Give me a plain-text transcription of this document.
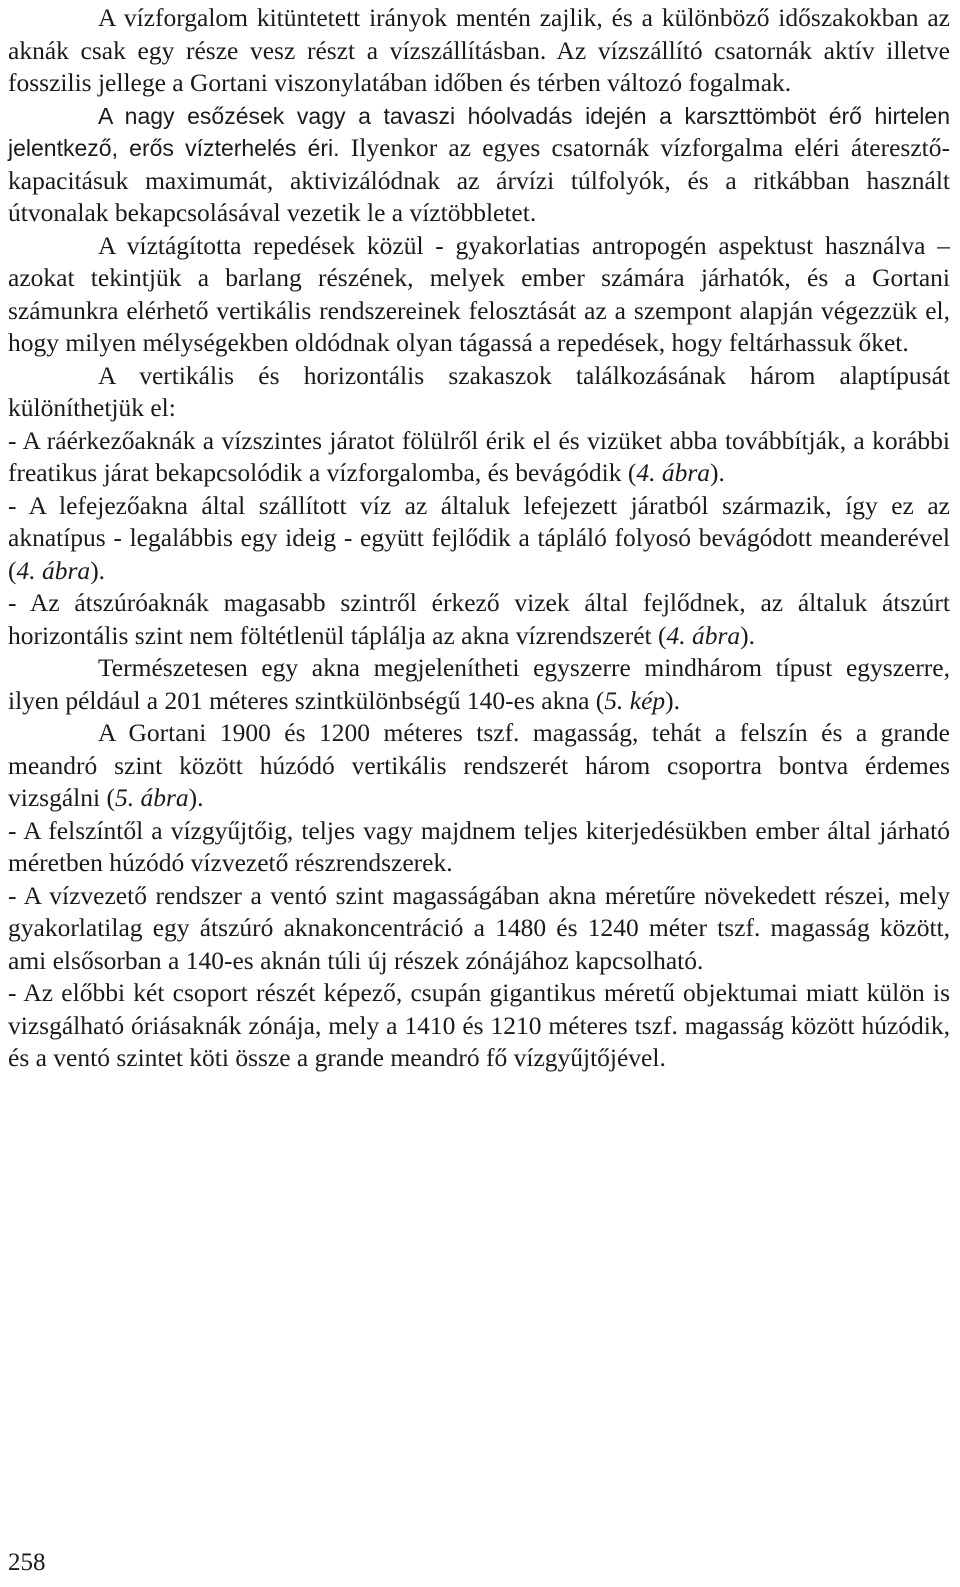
A vízforgalom kitüntetett irányok mentén zajlik, és a különböző időszakokban az aknák csak egy része vesz részt a vízszállításban. Az vízszállító csatornák aktív illetve fosszilis jellege a Gortani viszonylatában időben és térben változó fogalmak.

A nagy esőzések vagy a tavaszi hóolvadás idején a karszttömböt érő hirtelen jelentkező, erős vízterhelés éri. Ilyenkor az egyes csatornák vízforgalma eléri áteresztő-kapacitásuk maximumát, aktivizálódnak az árvízi túlfolyók, és a ritkábban használt útvonalak bekapcsolásával vezetik le a víztöbbletet.

A víztágította repedések közül - gyakorlatias antropogén aspektust használva – azokat tekintjük a barlang részének, melyek ember számára járhatók, és a Gortani számunkra elérhető vertikális rendszereinek felosztását az a szempont alapján végezzük el, hogy milyen mélységekben oldódnak olyan tágassá a repedések, hogy feltárhassuk őket.

A vertikális és horizontális szakaszok találkozásának három alaptípusát különíthetjük el:

- A ráérkezőaknák a vízszintes járatot fölülről érik el és vizüket abba továbbítják, a korábbi freatikus járat bekapcsolódik a vízforgalomba, és bevágódik (4. ábra).

- A lefejezőakna által szállított víz az általuk lefejezett járatból származik, így ez az aknatípus - legalábbis egy ideig - együtt fejlődik a tápláló folyosó bevágódott meanderével (4. ábra).

- Az átszúróaknák magasabb szintről érkező vizek által fejlődnek, az általuk átszúrt horizontális szint nem föltétlenül táplálja az akna vízrendszerét (4. ábra).

Természetesen egy akna megjelenítheti egyszerre mindhárom típust egyszerre, ilyen például a 201 méteres szintkülönbségű 140-es akna (5. kép).

A Gortani 1900 és 1200 méteres tszf. magasság, tehát a felszín és a grande meandró szint között húzódó vertikális rendszerét három csoportra bontva érdemes vizsgálni (5. ábra).

- A felszíntől a vízgyűjtőig, teljes vagy majdnem teljes kiterjedésükben ember által járható méretben húzódó vízvezető részrendszerek.

- A vízvezető rendszer a ventó szint magasságában akna méretűre növekedett részei, mely gyakorlatilag egy átszúró aknakoncentráció a 1480 és 1240 méter tszf. magasság között, ami elsősorban a 140-es aknán túli új részek zónájához kapcsolható.

- Az előbbi két csoport részét képező, csupán gigantikus méretű objektumai miatt külön is vizsgálható óriásaknák zónája, mely a 1410 és 1210 méteres tszf. magasság között húzódik, és a ventó szintet köti össze a grande meandró fő vízgyűjtőjével.

258
